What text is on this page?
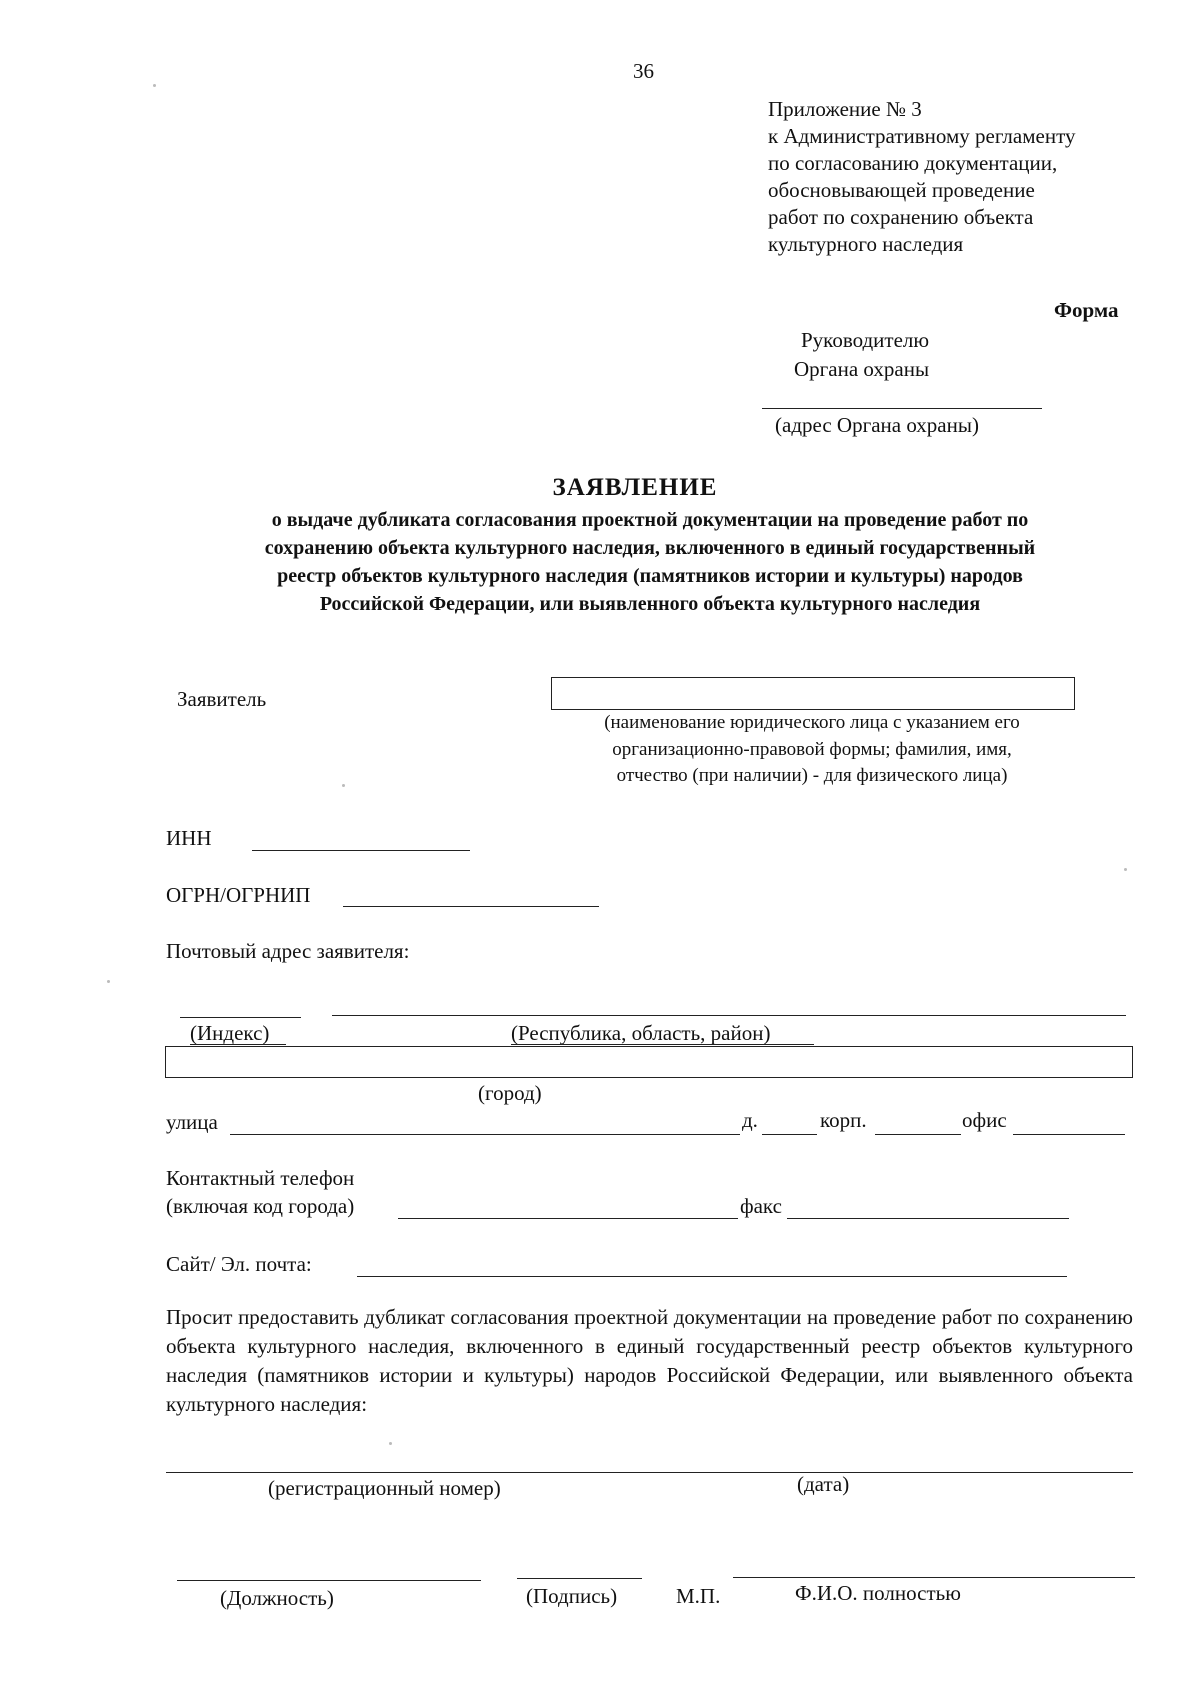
36
Приложение № 3
к Административному регламенту
по согласованию документации,
обосновывающей проведение
работ по сохранению объекта
культурного наследия
Форма
Руководителю
Органа охраны
(адрес Органа охраны)
ЗАЯВЛЕНИЕ
о выдаче дубликата согласования проектной документации на проведение работ по
сохранению объекта культурного наследия, включенного в единый государственный
реестр объектов культурного наследия (памятников истории и культуры) народов
Российской Федерации, или выявленного объекта культурного наследия
Заявитель
(наименование юридического лица с указанием его
организационно-правовой формы; фамилия, имя,
отчество (при наличии) - для физического лица)
ИНН
ОГРН/ОГРНИП
Почтовый адрес заявителя:
(Индекс)	(Республика, область, район)
(город)
улица	д.	корп.	офис
Контактный телефон
(включая код города)	факс
Сайт/ Эл. почта:
Просит предоставить дубликат согласования проектной документации на проведение работ по сохранению объекта культурного наследия, включенного в единый государственный реестр объектов культурного наследия (памятников истории и культуры) народов Российской Федерации, или выявленного объекта культурного наследия:
(регистрационный номер)	(дата)
(Должность)	(Подпись)	М.П.	Ф.И.О. полностью
